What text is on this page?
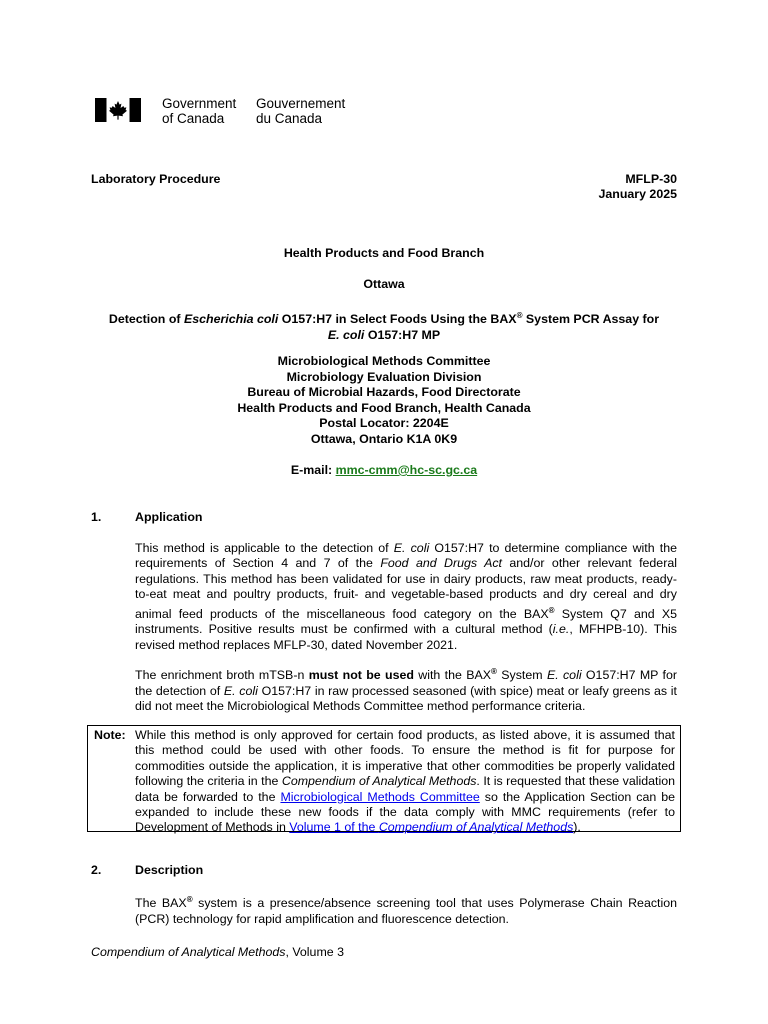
Government
of Canada
Gouvernement
du Canada
Laboratory Procedure	MFLP-30
January 2025
Health Products and Food Branch
Ottawa
Detection of Escherichia coli O157:H7 in Select Foods Using the BAX® System PCR Assay for
E. coli O157:H7 MP
Microbiological Methods Committee
Microbiology Evaluation Division
Bureau of Microbial Hazards, Food Directorate
Health Products and Food Branch, Health Canada
Postal Locator: 2204E
Ottawa, Ontario K1A 0K9
E-mail: mmc-cmm@hc-sc.gc.ca
1.	Application

This method is applicable to the detection of E. coli O157:H7 to determine compliance with the requirements of Section 4 and 7 of the Food and Drugs Act and/or other relevant federal regulations. This method has been validated for use in dairy products, raw meat products, ready-to-eat meat and poultry products, fruit- and vegetable-based products and dry cereal and dry animal feed products of the miscellaneous food category on the BAX® System Q7 and X5 instruments. Positive results must be confirmed with a cultural method (i.e., MFHPB-10). This revised method replaces MFLP-30, dated November 2021.

The enrichment broth mTSB-n must not be used with the BAX® System E. coli O157:H7 MP for the detection of E. coli O157:H7 in raw processed seasoned (with spice) meat or leafy greens as it did not meet the Microbiological Methods Committee method performance criteria.

Note: While this method is only approved for certain food products, as listed above, it is assumed that this method could be used with other foods. To ensure the method is fit for purpose for commodities outside the application, it is imperative that other commodities be properly validated following the criteria in the Compendium of Analytical Methods. It is requested that these validation data be forwarded to the Microbiological Methods Committee so the Application Section can be expanded to include these new foods if the data comply with MMC requirements (refer to Development of Methods in Volume 1 of the Compendium of Analytical Methods).

2.	Description

The BAX® system is a presence/absence screening tool that uses Polymerase Chain Reaction (PCR) technology for rapid amplification and fluorescence detection.

Compendium of Analytical Methods, Volume 3
